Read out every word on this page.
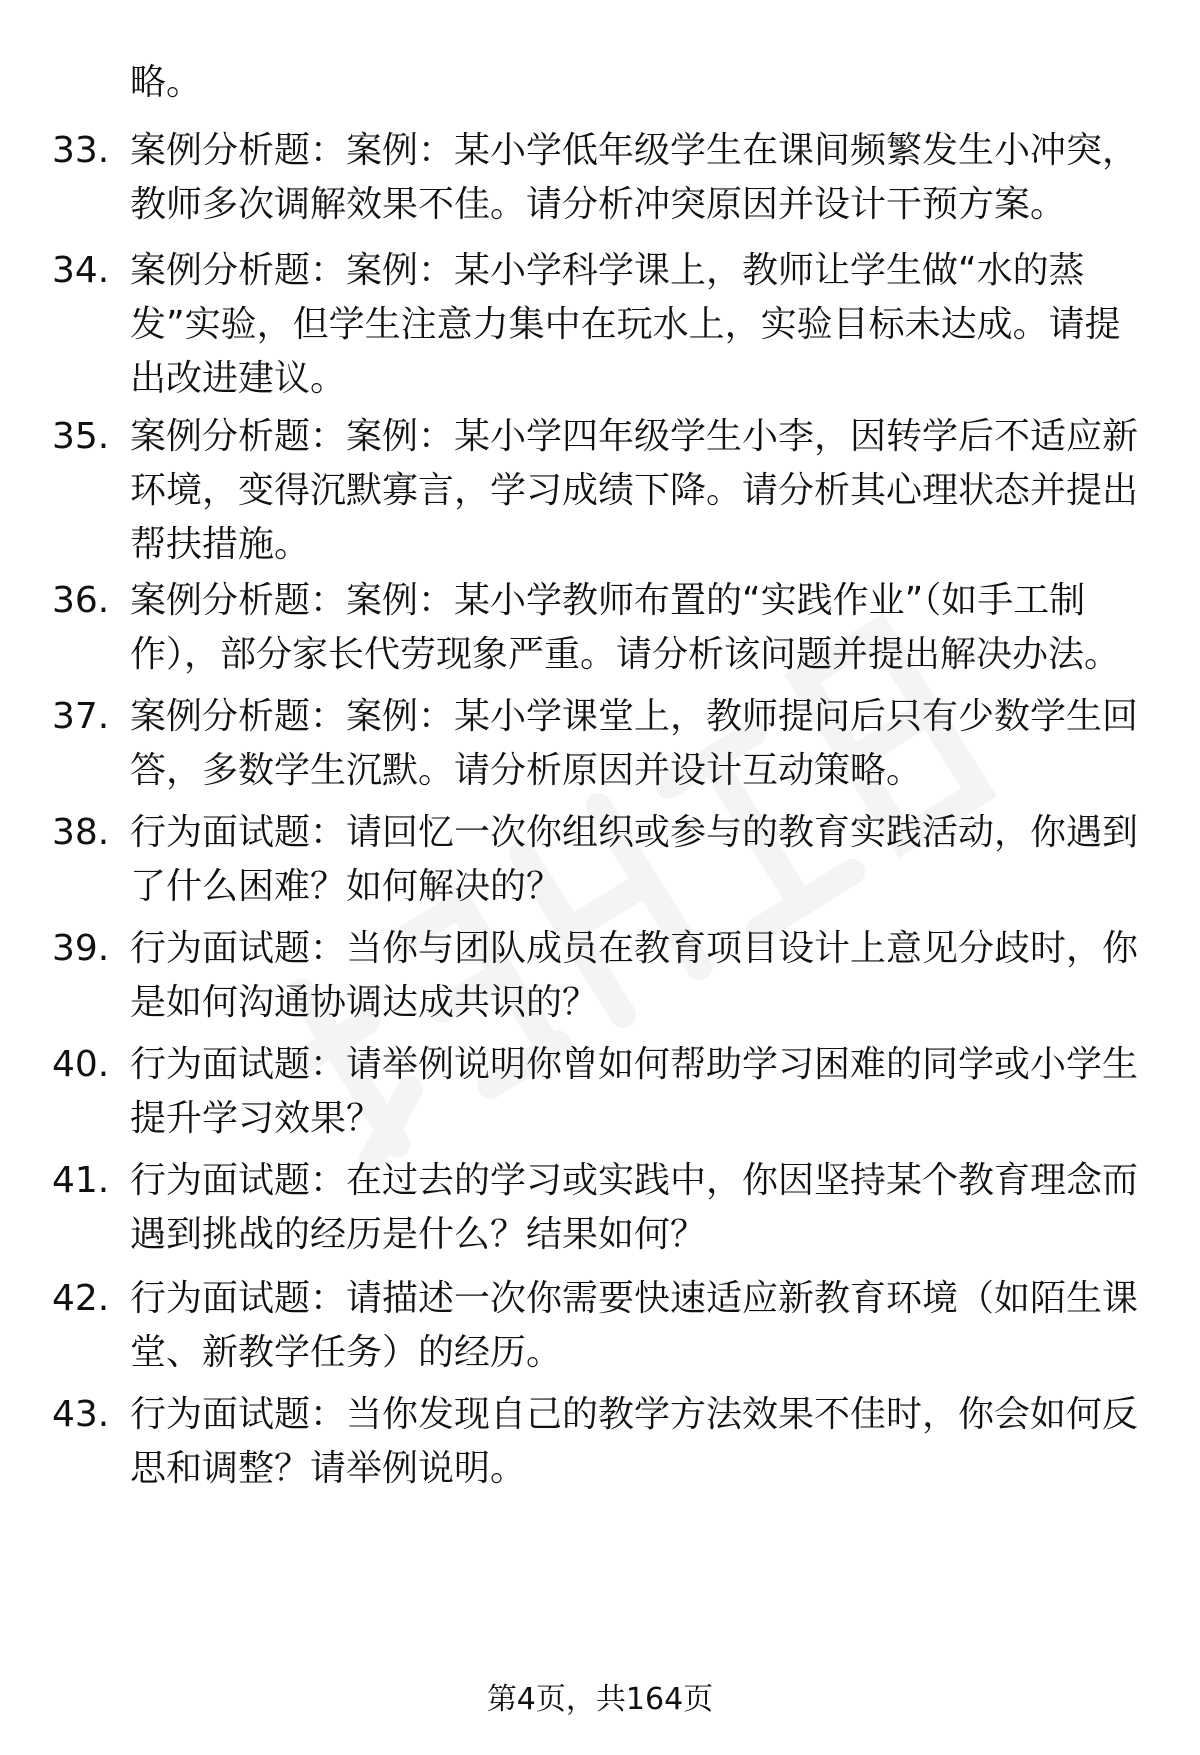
略。

33. 案例分析题：案例：某小学低年级学生在课间频繁发生小冲突，教师多次调解效果不佳。请分析冲突原因并设计干预方案。

34. 案例分析题：案例：某小学科学课上，教师让学生做“水的蒸发”实验，但学生注意力集中在玩水上，实验目标未达成。请提出改进建议。

35. 案例分析题：案例：某小学四年级学生小李，因转学后不适应新环境，变得沉默寡言，学习成绩下降。请分析其心理状态并提出帮扶措施。

36. 案例分析题：案例：某小学教师布置的“实践作业”（如手工制作），部分家长代劳现象严重。请分析该问题并提出解决办法。

37. 案例分析题：案例：某小学课堂上，教师提问后只有少数学生回答，多数学生沉默。请分析原因并设计互动策略。

38. 行为面试题：请回忆一次你组织或参与的教育实践活动，你遇到了什么困难？如何解决的？

39. 行为面试题：当你与团队成员在教育项目设计上意见分歧时，你是如何沟通协调达成共识的？

40. 行为面试题：请举例说明你曾如何帮助学习困难的同学或小学生提升学习效果？

41. 行为面试题：在过去的学习或实践中，你因坚持某个教育理念而遇到挑战的经历是什么？结果如何？

42. 行为面试题：请描述一次你需要快速适应新教育环境（如陌生课堂、新教学任务）的经历。

43. 行为面试题：当你发现自己的教学方法效果不佳时，你会如何反思和调整？请举例说明。

第4页，共164页
